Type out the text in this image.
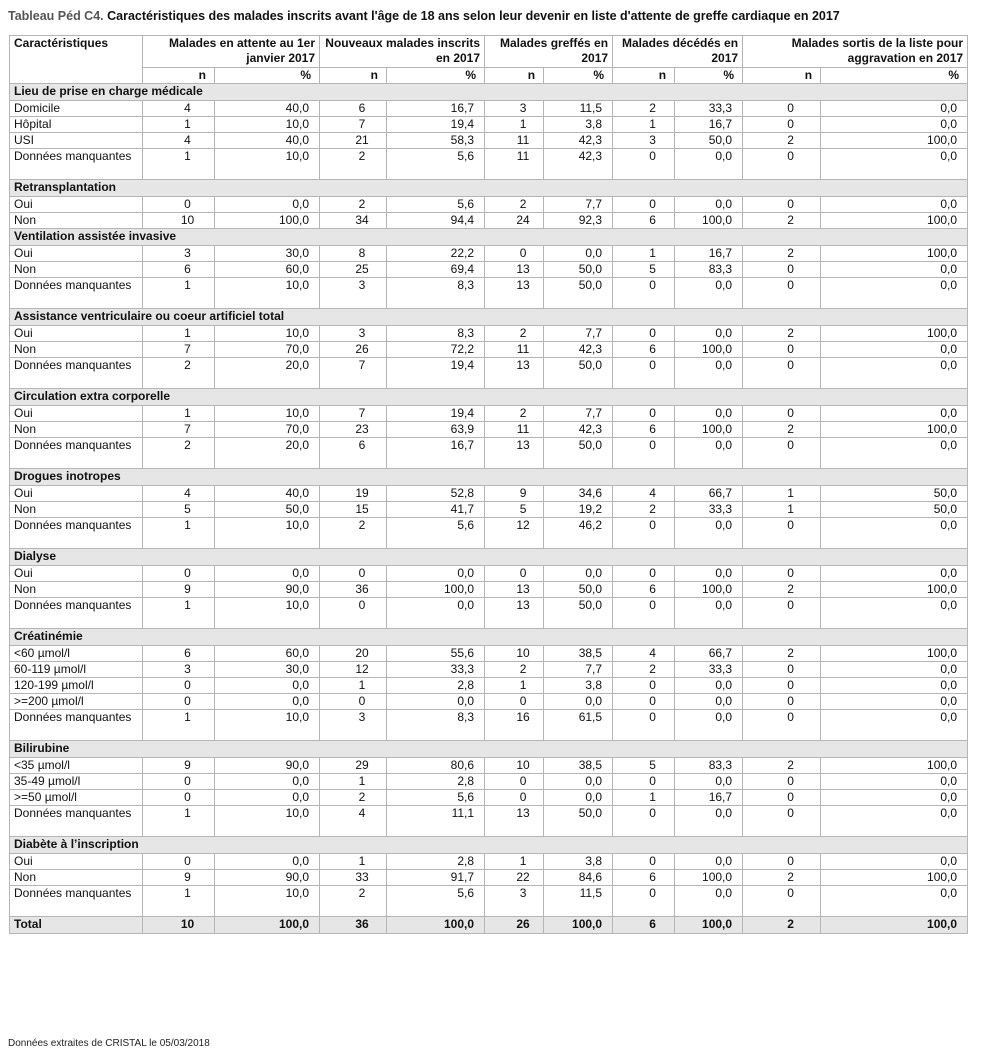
Tableau Péd C4. Caractéristiques des malades inscrits avant l'âge de 18 ans selon leur devenir en liste d'attente de greffe cardiaque en 2017
Caractéristiques	Malades en attente au 1er janvier 2017		Nouveaux malades inscrits en 2017		Malades greffés en 2017		Malades décédés en 2017		Malades sortis de la liste pour aggravation en 2017	
	n	%	n	%	n	%	n	%	n	%
Lieu de prise en charge médicale										
Domicile	4	40,0	6	16,7	3	11,5	2	33,3	0	0,0
Hôpital	1	10,0	7	19,4	1	3,8	1	16,7	0	0,0
USI	4	40,0	21	58,3	11	42,3	3	50,0	2	100,0
Données manquantes	1	10,0	2	5,6	11	42,3	0	0,0	0	0,0
Retransplantation										
Oui	0	0,0	2	5,6	2	7,7	0	0,0	0	0,0
Non	10	100,0	34	94,4	24	92,3	6	100,0	2	100,0
Ventilation assistée invasive										
Oui	3	30,0	8	22,2	0	0,0	1	16,7	2	100,0
Non	6	60,0	25	69,4	13	50,0	5	83,3	0	0,0
Données manquantes	1	10,0	3	8,3	13	50,0	0	0,0	0	0,0
Assistance ventriculaire ou coeur artificiel total										
Oui	1	10,0	3	8,3	2	7,7	0	0,0	2	100,0
Non	7	70,0	26	72,2	11	42,3	6	100,0	0	0,0
Données manquantes	2	20,0	7	19,4	13	50,0	0	0,0	0	0,0
Circulation extra corporelle										
Oui	1	10,0	7	19,4	2	7,7	0	0,0	0	0,0
Non	7	70,0	23	63,9	11	42,3	6	100,0	2	100,0
Données manquantes	2	20,0	6	16,7	13	50,0	0	0,0	0	0,0
Drogues inotropes										
Oui	4	40,0	19	52,8	9	34,6	4	66,7	1	50,0
Non	5	50,0	15	41,7	5	19,2	2	33,3	1	50,0
Données manquantes	1	10,0	2	5,6	12	46,2	0	0,0	0	0,0
Dialyse										
Oui	0	0,0	0	0,0	0	0,0	0	0,0	0	0,0
Non	9	90,0	36	100,0	13	50,0	6	100,0	2	100,0
Données manquantes	1	10,0	0	0,0	13	50,0	0	0,0	0	0,0
Créatinémie										
<60 µmol/l	6	60,0	20	55,6	10	38,5	4	66,7	2	100,0
60-119 µmol/l	3	30,0	12	33,3	2	7,7	2	33,3	0	0,0
120-199 µmol/l	0	0,0	1	2,8	1	3,8	0	0,0	0	0,0
>=200 µmol/l	0	0,0	0	0,0	0	0,0	0	0,0	0	0,0
Données manquantes	1	10,0	3	8,3	16	61,5	0	0,0	0	0,0
Bilirubine										
<35 µmol/l	9	90,0	29	80,6	10	38,5	5	83,3	2	100,0
35-49 µmol/l	0	0,0	1	2,8	0	0,0	0	0,0	0	0,0
>=50 µmol/l	0	0,0	2	5,6	0	0,0	1	16,7	0	0,0
Données manquantes	1	10,0	4	11,1	13	50,0	0	0,0	0	0,0
Diabète à l’inscription										
Oui	0	0,0	1	2,8	1	3,8	0	0,0	0	0,0
Non	9	90,0	33	91,7	22	84,6	6	100,0	2	100,0
Données manquantes	1	10,0	2	5,6	3	11,5	0	0,0	0	0,0
Total	10	100,0	36	100,0	26	100,0	6	100,0	2	100,0
Données extraites de CRISTAL le 05/03/2018
